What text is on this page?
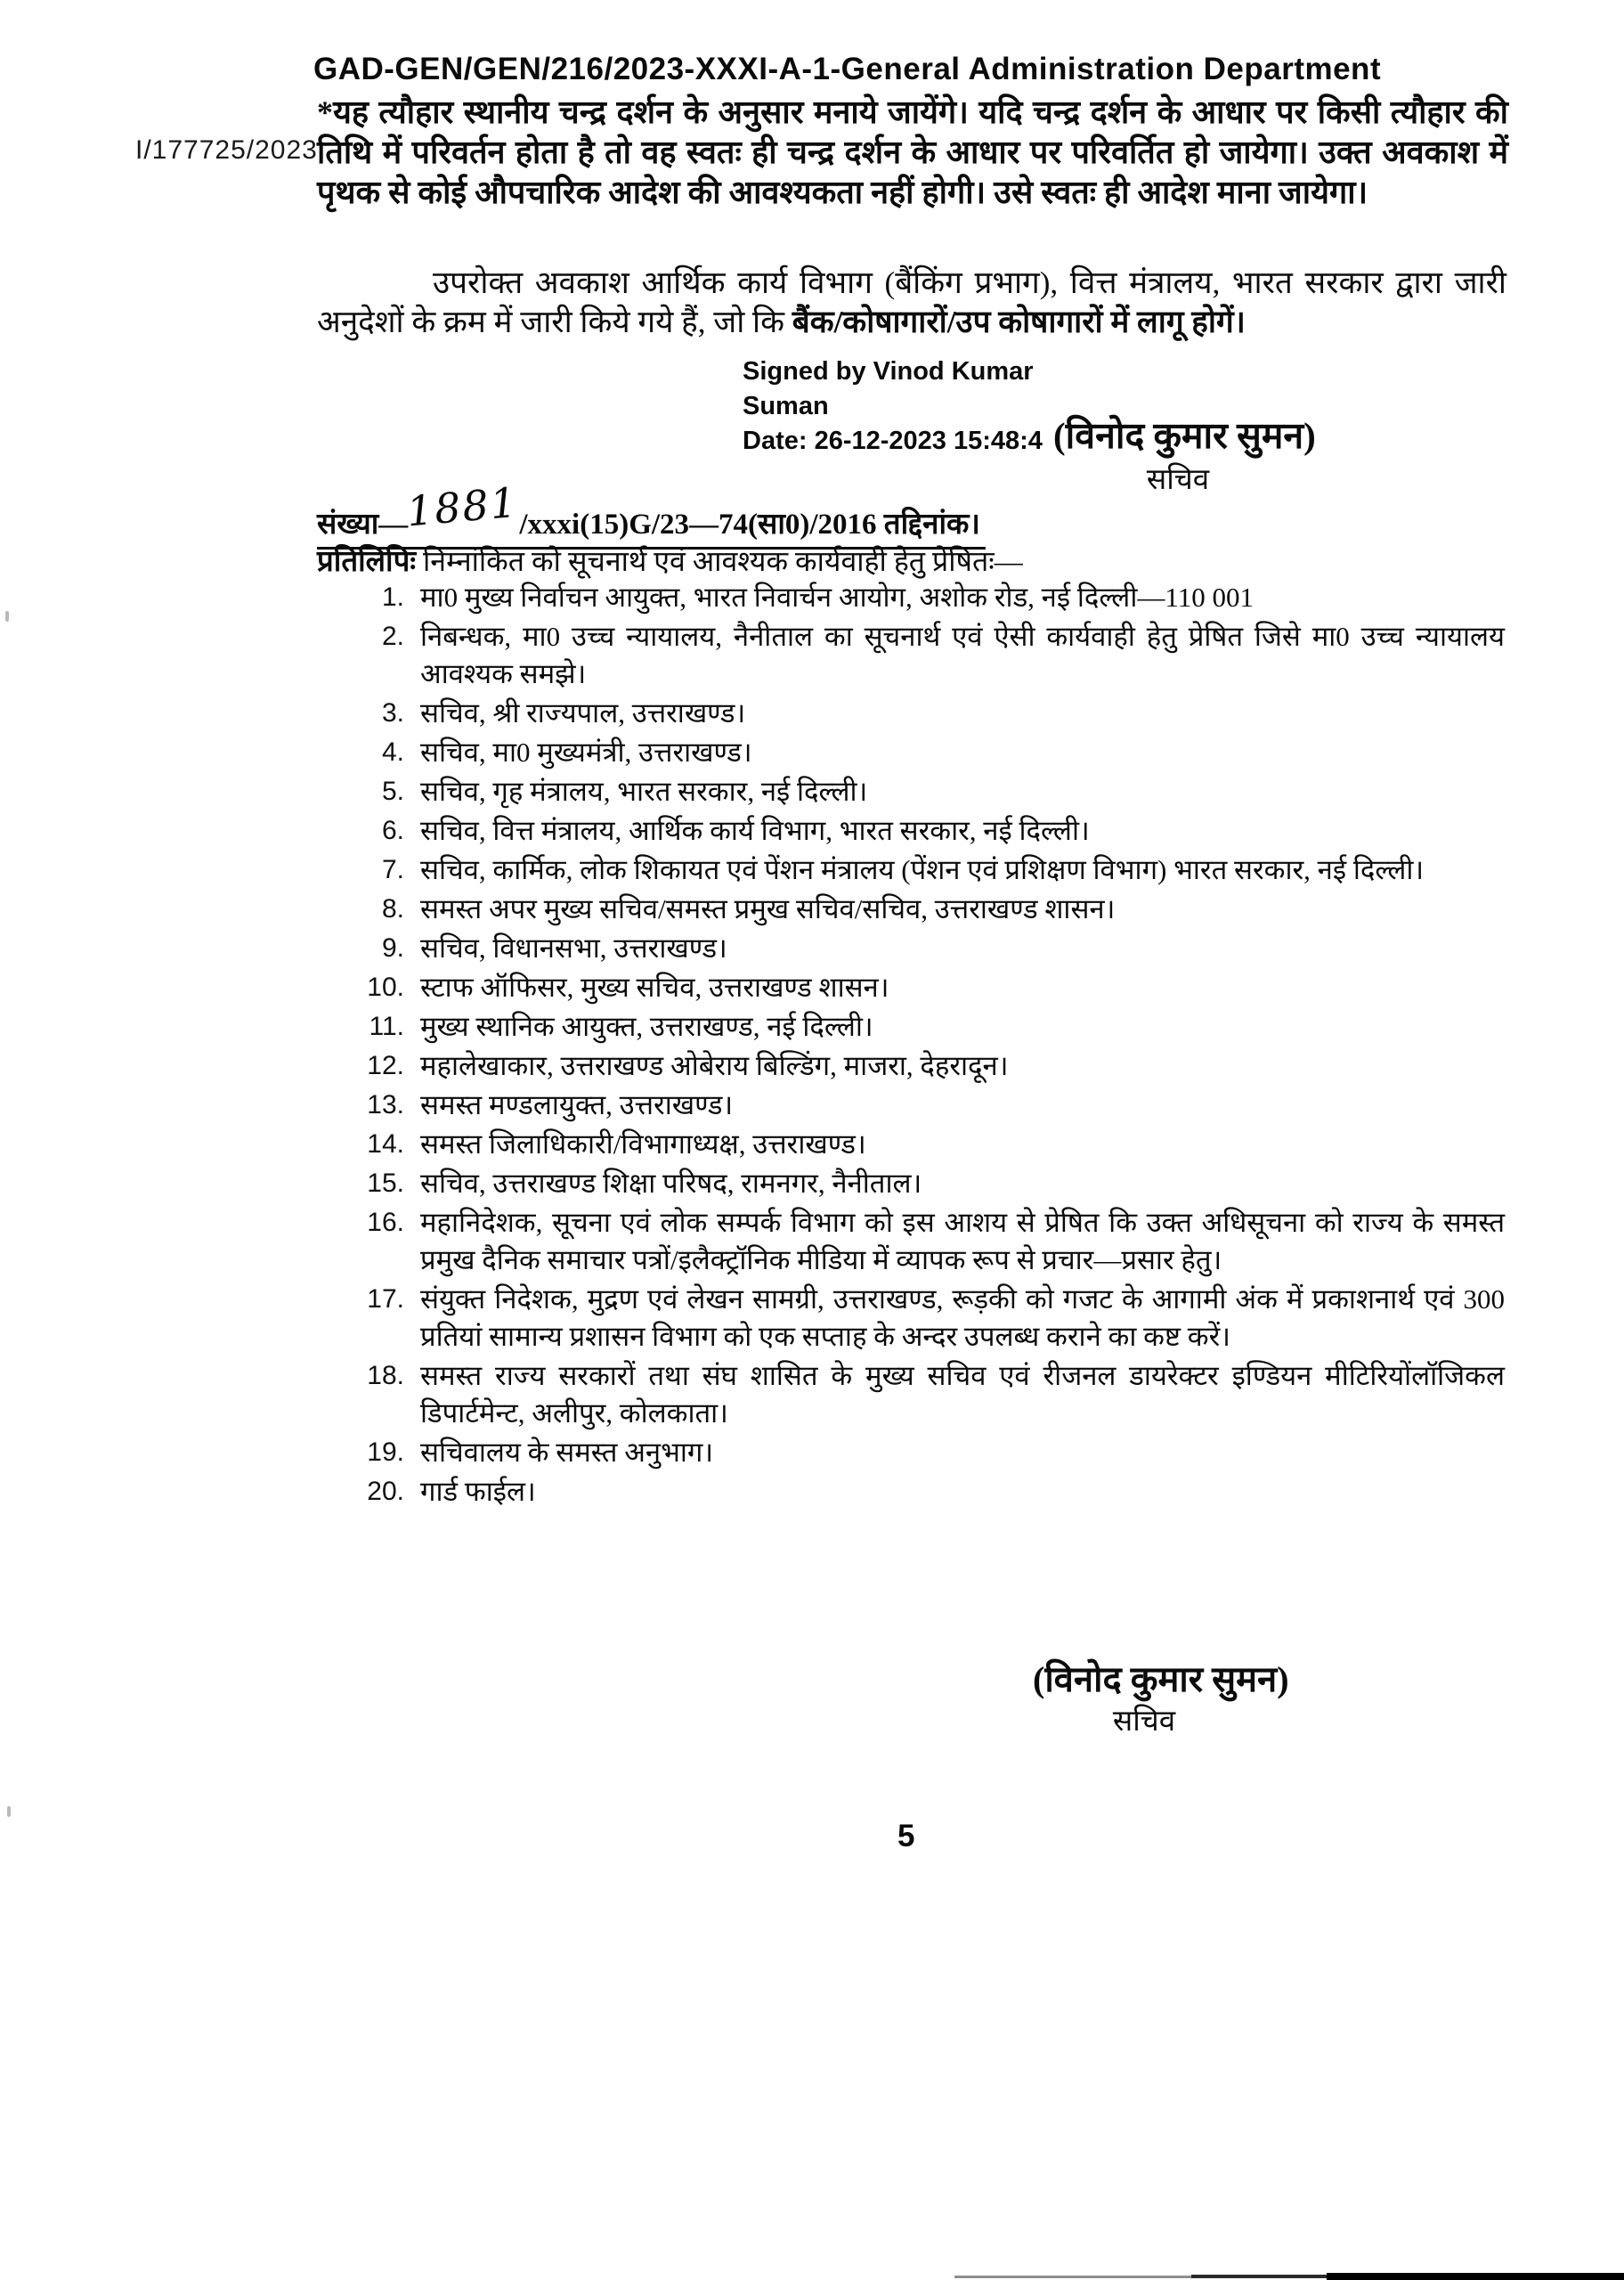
GAD-GEN/GEN/216/2023-XXXI-A-1-General Administration Department
I/177725/2023
*यह त्यौहार स्थानीय चन्द्र दर्शन के अनुसार मनाये जायेंगे। यदि चन्द्र दर्शन के आधार पर किसी त्यौहार की तिथि में परिवर्तन होता है तो वह स्वतः ही चन्द्र दर्शन के आधार पर परिवर्तित हो जायेगा। उक्त अवकाश में पृथक से कोई औपचारिक आदेश की आवश्यकता नहीं होगी। उसे स्वतः ही आदेश माना जायेगा।
उपरोक्त अवकाश आर्थिक कार्य विभाग (बैंकिंग प्रभाग), वित्त मंत्रालय, भारत सरकार द्वारा जारी अनुदेशों के क्रम में जारी किये गये हैं, जो कि बैंक/कोषागारों/उप कोषागारों में लागू होगें।
Signed by Vinod Kumar
Suman
Date: 26-12-2023 15:48:4 (विनोद कुमार सुमन)
सचिव
संख्या—1881/xxxi(15)G/23—74(सा0)/2016 तद्दिनांक।
प्रतिलिपिः निम्नांकित को सूचनार्थ एवं आवश्यक कार्यवाही हेतु प्रेषितः—
1. मा0 मुख्य निर्वाचन आयुक्त, भारत निवार्चन आयोग, अशोक रोड, नई दिल्ली—110 001
2. निबन्धक, मा0 उच्च न्यायालय, नैनीताल का सूचनार्थ एवं ऐसी कार्यवाही हेतु प्रेषित जिसे मा0 उच्च न्यायालय आवश्यक समझे।
3. सचिव, श्री राज्यपाल, उत्तराखण्ड।
4. सचिव, मा0 मुख्यमंत्री, उत्तराखण्ड।
5. सचिव, गृह मंत्रालय, भारत सरकार, नई दिल्ली।
6. सचिव, वित्त मंत्रालय, आर्थिक कार्य विभाग, भारत सरकार, नई दिल्ली।
7. सचिव, कार्मिक, लोक शिकायत एवं पेंशन मंत्रालय (पेंशन एवं प्रशिक्षण विभाग) भारत सरकार, नई दिल्ली।
8. समस्त अपर मुख्य सचिव/समस्त प्रमुख सचिव/सचिव, उत्तराखण्ड शासन।
9. सचिव, विधानसभा, उत्तराखण्ड।
10. स्टाफ ऑफिसर, मुख्य सचिव, उत्तराखण्ड शासन।
11. मुख्य स्थानिक आयुक्त, उत्तराखण्ड, नई दिल्ली।
12. महालेखाकार, उत्तराखण्ड ओबेराय बिल्डिंग, माजरा, देहरादून।
13. समस्त मण्डलायुक्त, उत्तराखण्ड।
14. समस्त जिलाधिकारी/विभागाध्यक्ष, उत्तराखण्ड।
15. सचिव, उत्तराखण्ड शिक्षा परिषद, रामनगर, नैनीताल।
16. महानिदेशक, सूचना एवं लोक सम्पर्क विभाग को इस आशय से प्रेषित कि उक्त अधिसूचना को राज्य के समस्त प्रमुख दैनिक समाचार पत्रों/इलैक्ट्रॉनिक मीडिया में व्यापक रूप से प्रचार—प्रसार हेतु।
17. संयुक्त निदेशक, मुद्रण एवं लेखन सामग्री, उत्तराखण्ड, रूड़की को गजट के आगामी अंक में प्रकाशनार्थ एवं 300 प्रतियां सामान्य प्रशासन विभाग को एक सप्ताह के अन्दर उपलब्ध कराने का कष्ट करें।
18. समस्त राज्य सरकारों तथा संघ शासित के मुख्य सचिव एवं रीजनल डायरेक्टर इण्डियन मीटिरियोंलॉजिकल डिपार्टमेन्ट, अलीपुर, कोलकाता।
19. सचिवालय के समस्त अनुभाग।
20. गार्ड फाईल।
(विनोद कुमार सुमन)
सचिव
5
